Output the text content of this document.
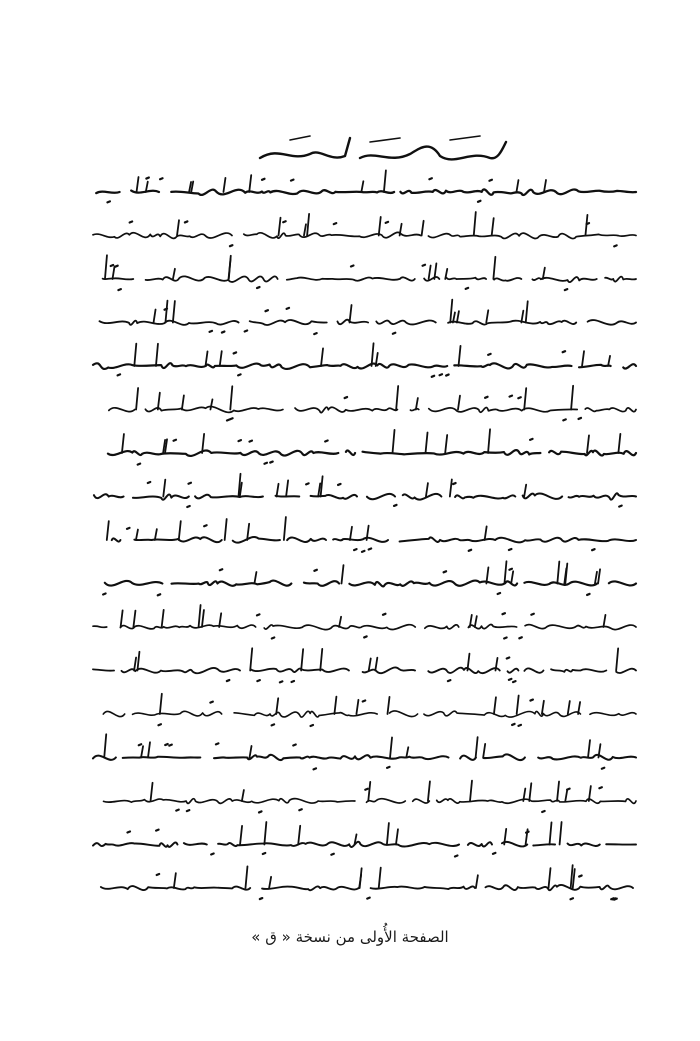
الصفحة الأُولى من نسخة « ق »
